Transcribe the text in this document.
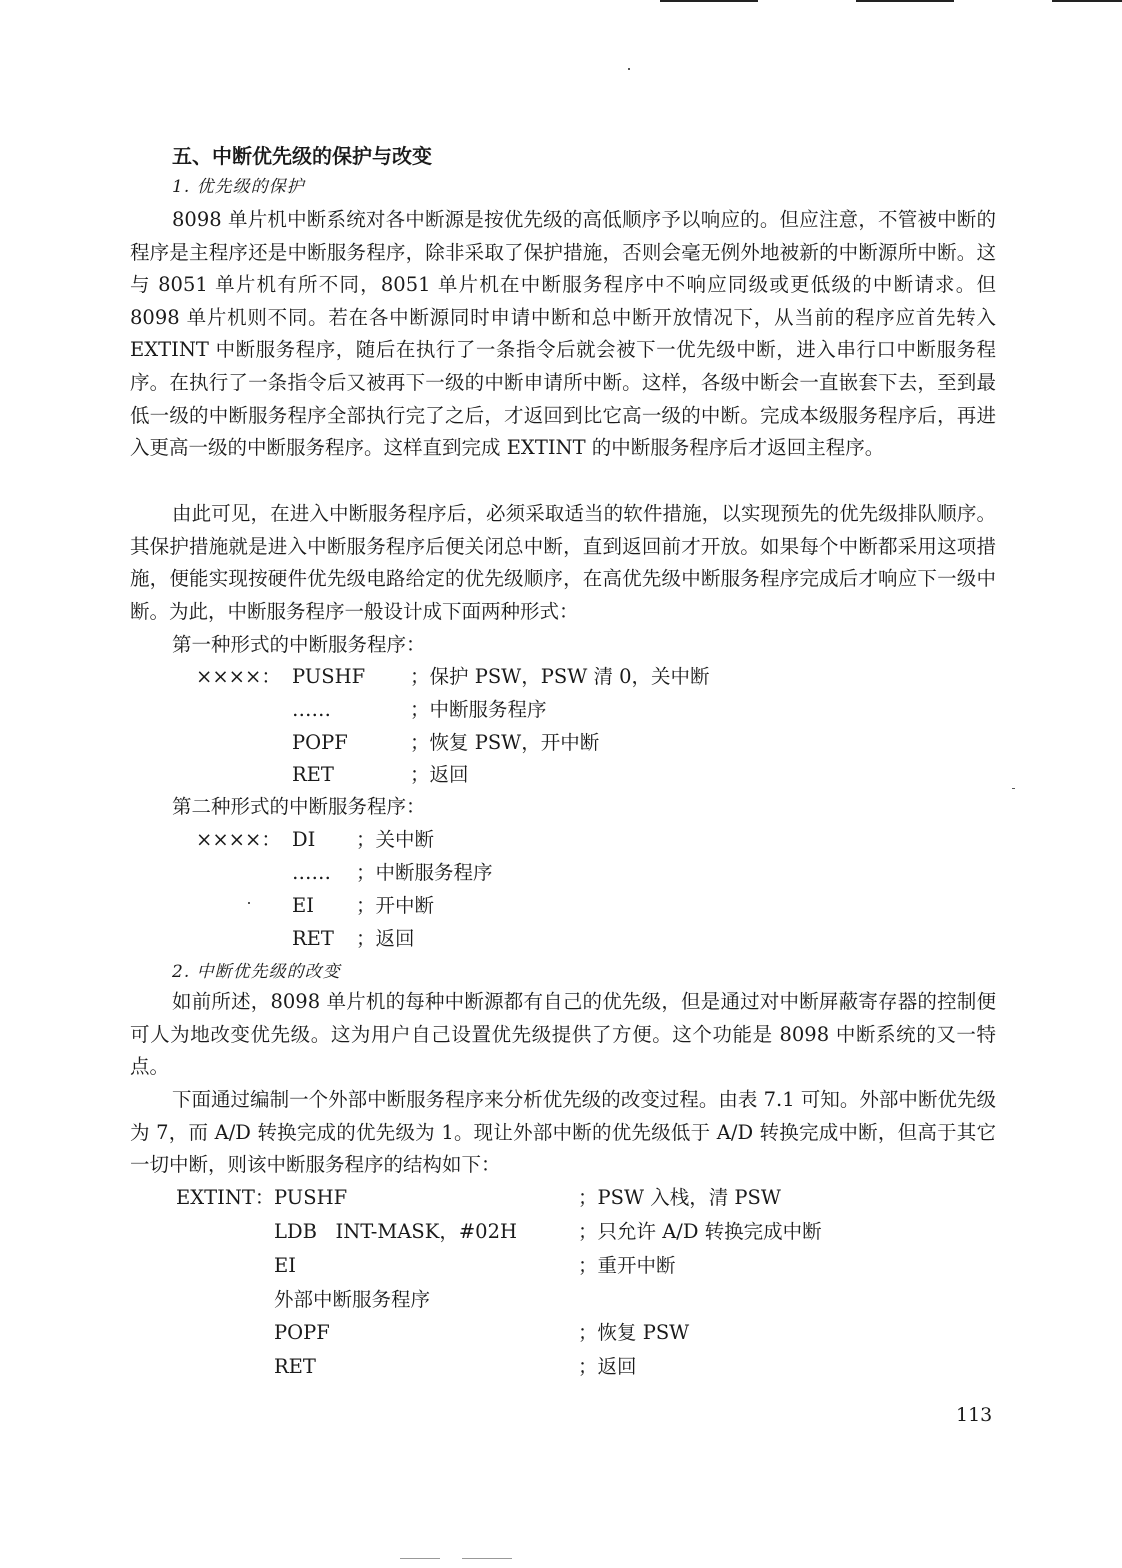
五、中断优先级的保护与改变
1. 优先级的保护

8098 单片机中断系统对各中断源是按优先级的高低顺序予以响应的。但应注意，不管被中断的程序是主程序还是中断服务程序，除非采取了保护措施，否则会毫无例外地被新的中断源所中断。这与 8051 单片机有所不同，8051 单片机在中断服务程序中不响应同级或更低级的中断请求。但 8098 单片机则不同。若在各中断源同时申请中断和总中断开放情况下，从当前的程序应首先转入 EXTINT 中断服务程序，随后在执行了一条指令后就会被下一优先级中断，进入串行口中断服务程序。在执行了一条指令后又被再下一级的中断申请所中断。这样，各级中断会一直嵌套下去，至到最低一级的中断服务程序全部执行完了之后，才返回到比它高一级的中断。完成本级服务程序后，再进入更高一级的中断服务程序。这样直到完成 EXTINT 的中断服务程序后才返回主程序。

由此可见，在进入中断服务程序后，必须采取适当的软件措施，以实现预先的优先级排队顺序。其保护措施就是进入中断服务程序后便关闭总中断，直到返回前才开放。如果每个中断都采用这项措施，便能实现按硬件优先级电路给定的优先级顺序，在高优先级中断服务程序完成后才响应下一级中断。为此，中断服务程序一般设计成下面两种形式：

第一种形式的中断服务程序：
××××： PUSHF ；保护 PSW，PSW 清 0，关中断
……	；中断服务程序
POPF	；恢复 PSW，开中断
RET	；返回
第二种形式的中断服务程序：
××××： DI ；关中断
…… ；中断服务程序
EI ；开中断
RET ；返回
2. 中断优先级的改变

如前所述，8098 单片机的每种中断源都有自己的优先级，但是通过对中断屏蔽寄存器的控制便可人为地改变优先级。这为用户自己设置优先级提供了方便。这个功能是 8098 中断系统的又一特点。

下面通过编制一个外部中断服务程序来分析优先级的改变过程。由表 7.1 可知。外部中断优先级为 7，而 A/D 转换完成的优先级为 1。现让外部中断的优先级低于 A/D 转换完成中断，但高于其它一切中断，则该中断服务程序的结构如下：

EXTINT： PUSHF	；PSW 入栈，清 PSW
LDB   INT-MASK，#02H	；只允许 A/D 转换完成中断
EI	；重开中断
外部中断服务程序
POPF	；恢复 PSW
RET	；返回
113
